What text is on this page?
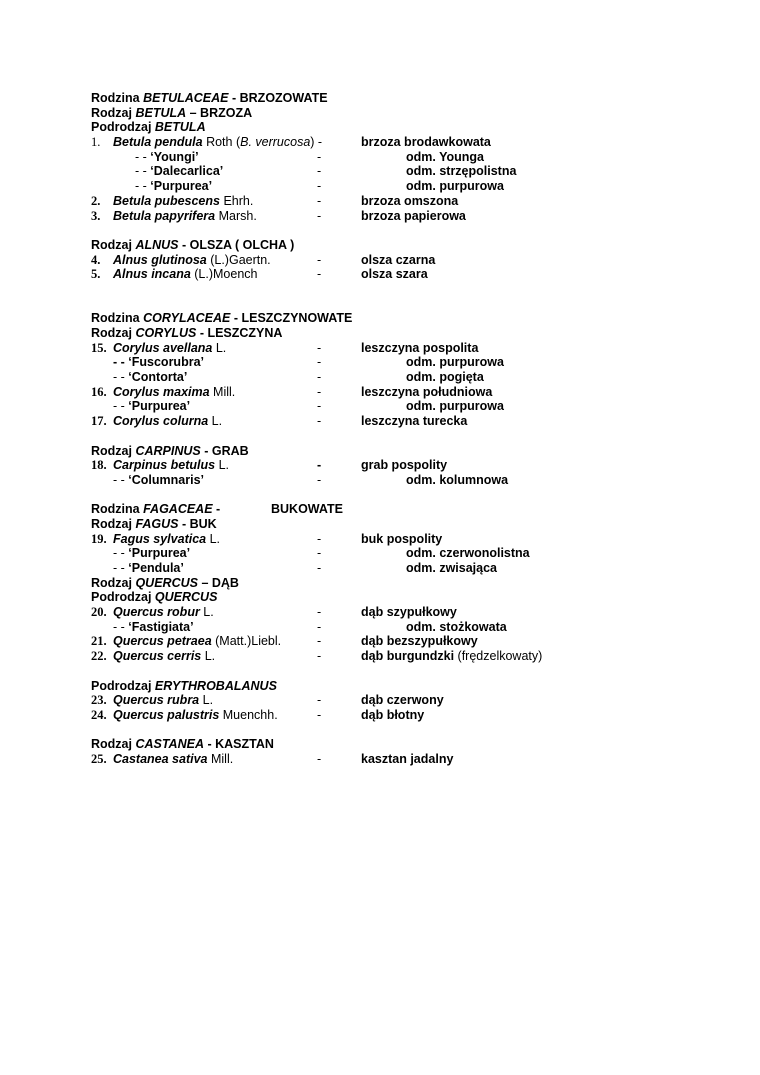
Rodzina BETULACEAE - BRZOZOWATE
Rodzaj BETULA – BRZOZA
Podrodzaj BETULA
1. Betula pendula Roth (B. verrucosa) -	brzoza brodawkowata
- - ‘Youngi’	-	odm. Younga
- - ‘Dalecarlica’	-	odm. strzępolistna
- - ‘Purpurea’	-	odm. purpurowa
2. Betula pubescens Ehrh.	-	brzoza omszona
3. Betula papyrifera Marsh.	-	brzoza papierowa
Rodzaj ALNUS - OLSZA ( OLCHA )
4. Alnus glutinosa (L.)Gaertn.	-	olsza czarna
5. Alnus incana (L.)Moench	-	olsza szara
Rodzina CORYLACEAE - LESZCZYNOWATE
Rodzaj CORYLUS - LESZCZYNA
15. Corylus avellana L.	-	leszczyna pospolita
- - ‘Fuscorubra’	-	odm. purpurowa
- - ‘Contorta’	-	odm. pogięta
16. Corylus maxima Mill.	-	leszczyna południowa
- - ‘Purpurea’	-	odm. purpurowa
17. Corylus colurna L.	-	leszczyna turecka
Rodzaj CARPINUS - GRAB
18. Carpinus betulus L.	-	grab pospolity
- - ‘Columnaris’	-	odm. kolumnowa
Rodzina FAGACEAE -	BUKOWATE
Rodzaj FAGUS - BUK
19. Fagus sylvatica L.	-	buk pospolity
- - ‘Purpurea’	-	odm. czerwonolistna
- - ‘Pendula’	-	odm. zwisająca
Rodzaj QUERCUS – DĄB
Podrodzaj QUERCUS
20. Quercus robur L.	-	dąb szypułkowy
- - ‘Fastigiata’	-	odm. stożkowata
21. Quercus petraea (Matt.)Liebl.	-	dąb bezszypułkowy
22. Quercus cerris L.	-	dąb burgundzki (frędzelkowaty)
Podrodzaj ERYTHROBALANUS
23. Quercus rubra L.	-	dąb czerwony
24. Quercus palustris Muenchh.	-	dąb błotny
Rodzaj CASTANEA - KASZTAN
25. Castanea sativa Mill.	-	kasztan jadalny
